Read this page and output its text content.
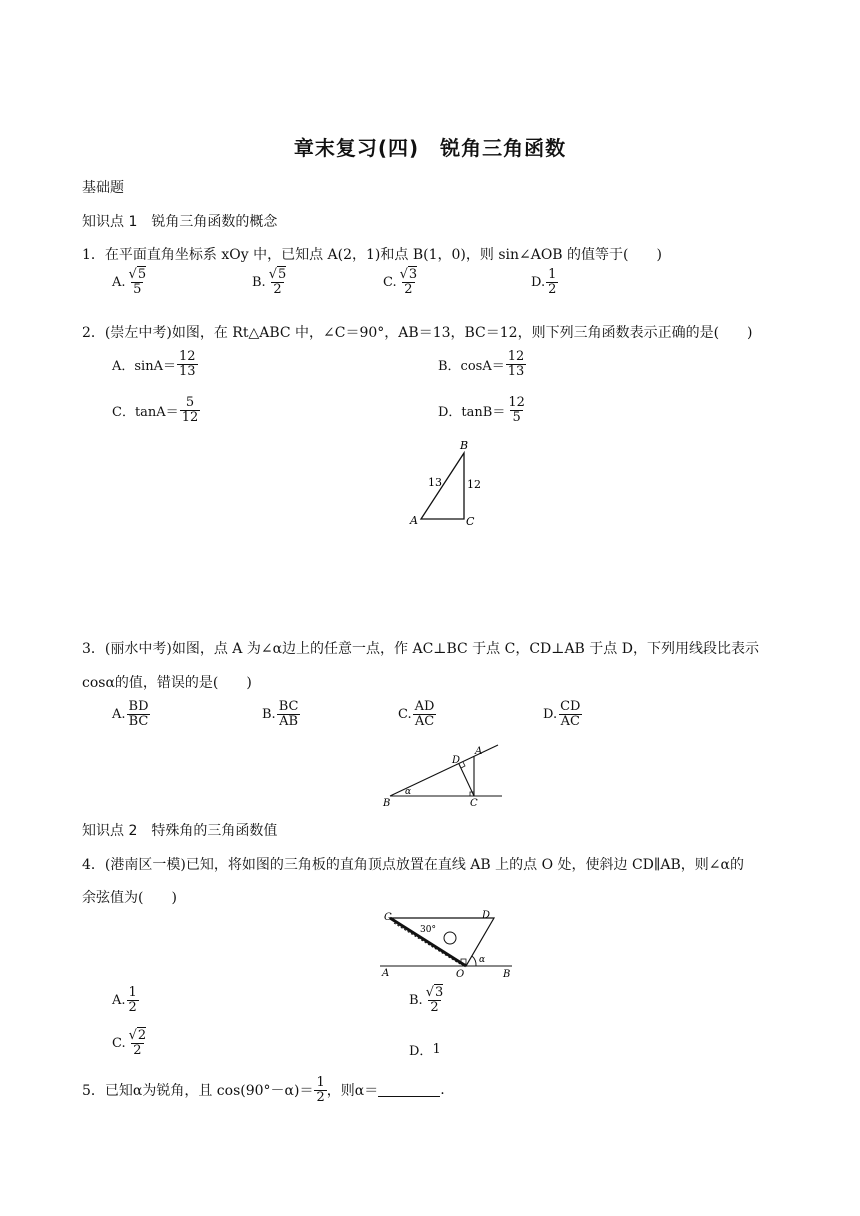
章末复习(四)　锐角三角函数
基础题
知识点 1　锐角三角函数的概念
1．在平面直角坐标系 xOy 中，已知点 A(2，1)和点 B(1，0)，则 sin∠AOB 的值等于(　　)
A. $\frac{√5}{5}$	B. $\frac{√5}{2}$	C. $\frac{√3}{2}$	D. $\frac{1}{2}$
2．(崇左中考)如图，在 Rt△ABC 中，∠C＝90°，AB＝13，BC＝12，则下列三角函数表示正确的是(　　)
A．$\sin A= \frac{12}{13}$	B．$\cos A= \frac{12}{13}$
C．$\tan A= \frac{5}{12}$	D．$\tan B= \frac{12}{5}$
B
A	C
13 12
3．(丽水中考)如图，点 A 为∠α边上的任意一点，作 AC⊥BC 于点 C，CD⊥AB 于点 D，下列用线段比表示
cosα的值，错误的是(　　)
A. $\frac{BD}{BC}$	B. $\frac{BC}{AB}$	C. $\frac{AD}{AC}$	D. $\frac{CD}{AC}$
B	C
A
D
α
知识点 2　特殊角的三角函数值
4．(港南区一模)已知，将如图的三角板的直角顶点放置在直线 AB 上的点 O 处，使斜边 CD∥AB，则∠α的
余弦值为(　　)
C	D
30°
A	O	B
α
A. $\frac{1}{2}$	B. $\frac{√3}{2}$
C. $\frac{√2}{2}$	D． 1
5．已知α为锐角，且 $\cos(90^\circ-\alpha)= \frac{1}{2}$ ，则α＝	.
